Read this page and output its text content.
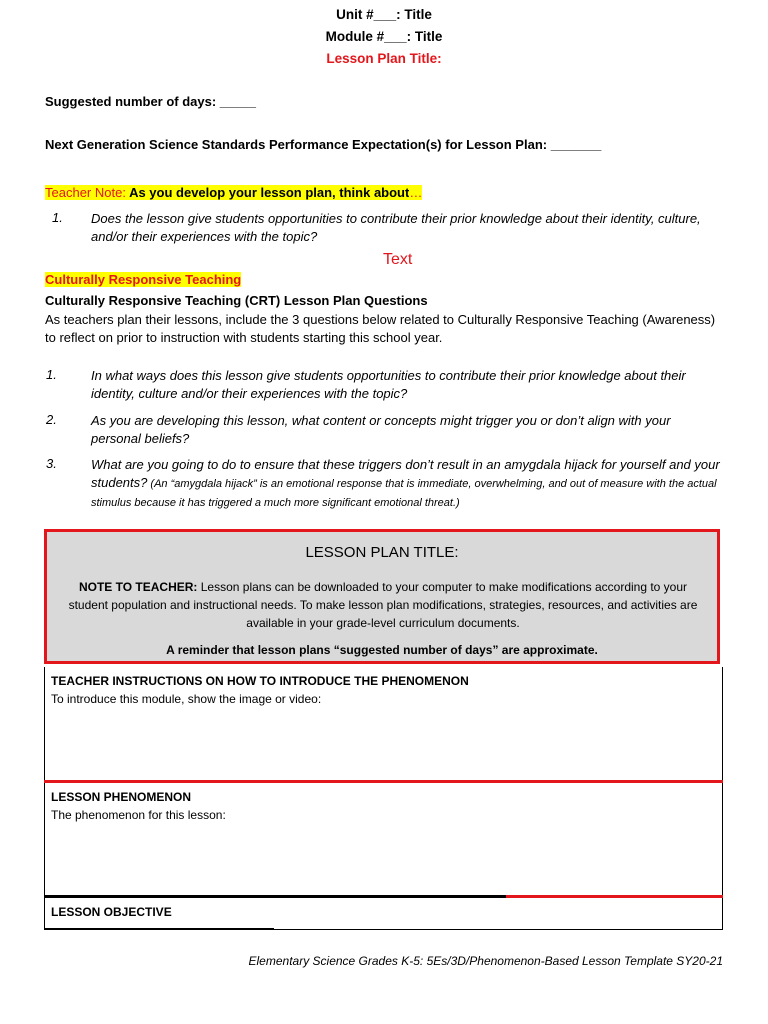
Unit #___: Title
Module #___: Title
Lesson Plan Title:
Suggested number of days: _____
Next Generation Science Standards Performance Expectation(s) for Lesson Plan: _______
Teacher Note: As you develop your lesson plan, think about…
1. Does the lesson give students opportunities to contribute their prior knowledge about their identity, culture, and/or their experiences with the topic?
Text
Culturally Responsive Teaching
Culturally Responsive Teaching (CRT) Lesson Plan Questions
As teachers plan their lessons, include the 3 questions below related to Culturally Responsive Teaching (Awareness) to reflect on prior to instruction with students starting this school year.
1.	In what ways does this lesson give students opportunities to contribute their prior knowledge about their identity, culture and/or their experiences with the topic?
2.	As you are developing this lesson, what content or concepts might trigger you or don’t align with your personal beliefs?
3.	What are you going to do to ensure that these triggers don’t result in an amygdala hijack for yourself and your students? (An “amygdala hijack” is an emotional response that is immediate, overwhelming, and out of measure with the actual stimulus because it has triggered a much more significant emotional threat.)
LESSON PLAN TITLE:
NOTE TO TEACHER: Lesson plans can be downloaded to your computer to make modifications according to your student population and instructional needs. To make lesson plan modifications, strategies, resources, and activities are available in your grade-level curriculum documents.
A reminder that lesson plans “suggested number of days” are approximate.
TEACHER INSTRUCTIONS ON HOW TO INTRODUCE THE PHENOMENON
To introduce this module, show the image or video:
LESSON PHENOMENON
The phenomenon for this lesson:
LESSON OBJECTIVE
Elementary Science Grades K-5: 5Es/3D/Phenomenon-Based Lesson Template SY20-21
